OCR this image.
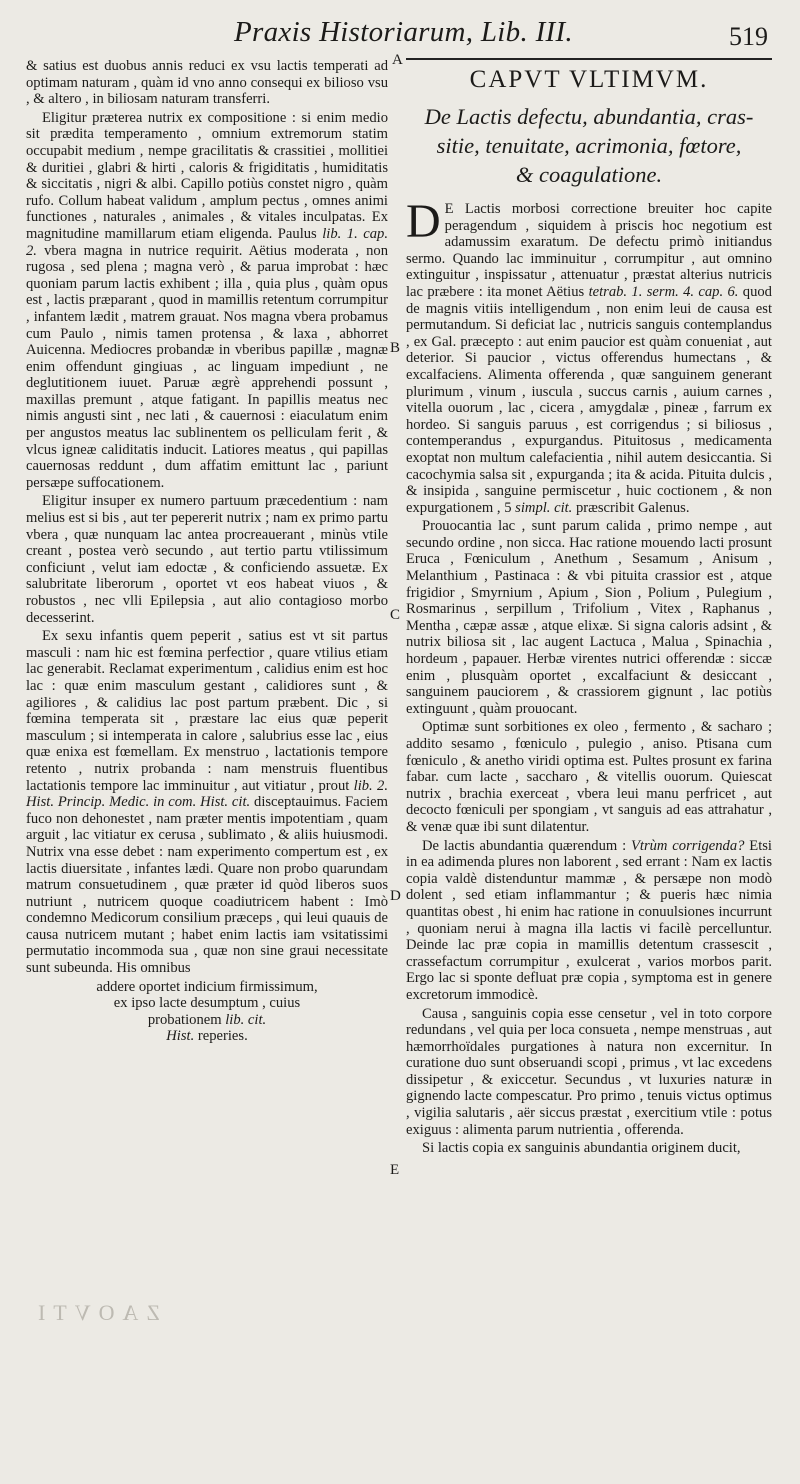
Praxis Historiarum, Lib. III.	519
A
B
C
D
E
ZAOVTI

& satius est duobus annis reduci ex vsu lactis temperati ad optimam naturam , quàm id vno anno consequi ex bilioso vsu , & altero , in biliosam naturam transferri.

Eligitur præterea nutrix ex compositione : si enim medio sit prædita temperamento , omnium extremorum statim occupabit medium , nempe gracilitatis & crassitiei , mollitiei & duritiei , glabri & hirti , caloris & frigiditatis , humiditatis & siccitatis , nigri & albi. Capillo potiùs constet nigro , quàm rufo. Collum habeat validum , amplum pectus , omnes animi functiones , naturales , animales , & vitales inculpatas. Ex magnitudine mamillarum etiam eligenda. Paulus lib. 1. cap. 2. vbera magna in nutrice requirit. Aëtius moderata , non rugosa , sed plena ; magna verò , & parua improbat : hæc quoniam parum lactis exhibent ; illa , quia plus , quàm opus est , lactis præparant , quod in mamillis retentum corrumpitur , infantem lædit , matrem grauat. Nos magna vbera probamus cum Paulo , nimis tamen protensa , & laxa , abhorret Auicenna. Mediocres probandæ in vberibus papillæ , magnæ enim offendunt gingiuas , ac linguam impediunt , ne deglutitionem iuuet. Paruæ ægrè apprehendi possunt , maxillas premunt , atque fatigant. In papillis meatus nec nimis angusti sint , nec lati , & cauernosi : eiaculatum enim per angustos meatus lac sublinentem os pelliculam ferit , & vlcus igneæ caliditatis inducit. Latiores meatus , qui papillas cauernosas reddunt , dum affatim emittunt lac , pariunt persæpe suffocationem.

Eligitur insuper ex numero partuum præcedentium : nam melius est si bis , aut ter pepererit nutrix ; nam ex primo partu vbera , quæ nunquam lac antea procreauerant , minùs vtile creant , postea verò secundo , aut tertio partu vtilissimum conficiunt , velut iam edoctæ , & conficiendo assuetæ. Ex salubritate liberorum , oportet vt eos habeat viuos , & robustos , nec vlli Epilepsia , aut alio contagioso morbo decesserint.

Ex sexu infantis quem peperit , satius est vt sit partus masculi : nam hic est fœmina perfectior , quare vtilius etiam lac generabit. Reclamat experimentum , calidius enim est hoc lac : quæ enim masculum gestant , calidiores sunt , & agiliores , & calidius lac post partum præbent. Dic , si fœmina temperata sit , præstare lac eius quæ peperit masculum ; si intemperata in calore , salubrius esse lac , eius quæ enixa est fœmellam. Ex menstruo , lactationis tempore retento , nutrix probanda : nam menstruis fluentibus lactationis tempore lac imminuitur , aut vitiatur , prout lib. 2. Hist. Princip. Medic. in com. Hist. cit. disceptauimus. Faciem fuco non dehonestet , nam præter mentis impotentiam , quam arguit , lac vitiatur ex cerusa , sublimato , & aliis huiusmodi. Nutrix vna esse debet : nam experimento compertum est , ex lactis diuersitate , infantes lædi. Quare non probo quarundam matrum consuetudinem , quæ præter id quòd liberos suos nutriunt , nutricem quoque coadiutricem habent : Imò condemno Medicorum consilium præceps , qui leui quauis de causa nutricem mutant ; habet enim lactis iam vsitatissimi permutatio incommoda sua , quæ non sine graui necessitate sunt subeunda. His omnibus

addere oportet indicium firmissimum,
ex ipso lacte desumptum , cuius
probationem lib. cit.
Hist. reperies.
CAPVT VLTIMVM.
De Lactis defectu, abundantia, cras-
sitie, tenuitate, acrimonia, fœtore,
& coagulatione.

D E Lactis morbosi correctione breuiter hoc capite peragendum , siquidem à priscis hoc negotium est adamussim exaratum. De defectu primò initiandus sermo. Quando lac imminuitur , corrumpitur , aut omnino extinguitur , inspissatur , attenuatur , præstat alterius nutricis lac præbere : ita monet Aëtius tetrab. 1. serm. 4. cap. 6. quod de magnis vitiis intelligendum , non enim leui de causa est permutandum. Si deficiat lac , nutricis sanguis contemplandus , ex Gal. præcepto : aut enim paucior est quàm conueniat , aut deterior. Si paucior , victus offerendus humectans , & excalfaciens. Alimenta offerenda , quæ sanguinem generant plurimum , vinum , iuscula , succus carnis , auium carnes , vitella ouorum , lac , cicera , amygdalæ , pineæ , farrum ex hordeo. Si sanguis paruus , est corrigendus ; si biliosus , contemperandus , expurgandus. Pituitosus , medicamenta exoptat non multum calefacientia , nihil autem desiccantia. Si cacochymia salsa sit , expurganda ; ita & acida. Pituita dulcis , & insipida , sanguine permiscetur , huic coctionem , & non expurgationem , 5 simpl. cit. præscribit Galenus.

Prouocantia lac , sunt parum calida , primo nempe , aut secundo ordine , non sicca. Hac ratione mouendo lacti prosunt Eruca , Fœniculum , Anethum , Sesamum , Anisum , Melanthium , Pastinaca : & vbi pituita crassior est , atque frigidior , Smyrnium , Apium , Sion , Polium , Pulegium , Rosmarinus , serpillum , Trifolium , Vitex , Raphanus , Mentha , cæpæ assæ , atque elixæ. Si signa caloris adsint , & nutrix biliosa sit , lac augent Lactuca , Malua , Spinachia , hordeum , papauer. Herbæ virentes nutrici offerendæ : siccæ enim , plusquàm oportet , excalfaciunt & desiccant , sanguinem pauciorem , & crassiorem gignunt , lac potiùs extinguunt , quàm prouocant.

Optimæ sunt sorbitiones ex oleo , fermento , & sacharo ; addito sesamo , fœniculo , pulegio , aniso. Ptisana cum fœniculo , & anetho viridi optima est. Pultes prosunt ex farina fabar. cum lacte , saccharo , & vitellis ouorum. Quiescat nutrix , brachia exerceat , vbera leui manu perfricet , aut decocto fœniculi per spongiam , vt sanguis ad eas attrahatur , & venæ quæ ibi sunt dilatentur.

De lactis abundantia quærendum : Vtrùm corrigenda? Etsi in ea adimenda plures non laborent , sed errant : Nam ex lactis copia valdè distenduntur mammæ , & persæpe non modò dolent , sed etiam inflammantur ; & pueris hæc nimia quantitas obest , hi enim hac ratione in conuulsiones incurrunt , quoniam nerui à magna illa lactis vi facilè percelluntur. Deinde lac præ copia in mamillis detentum crassescit , crassefactum corrumpitur , exulcerat , varios morbos parit. Ergo lac si sponte defluat præ copia , symptoma est in genere excretorum immodicè.

Causa , sanguinis copia esse censetur , vel in toto corpore redundans , vel quia per loca consueta , nempe menstruas , aut hæmorrhoïdales purgationes à natura non excernitur. In curatione duo sunt obseruandi scopi , primus , vt lac excedens dissipetur , & exiccetur. Secundus , vt luxuries naturæ in gignendo lacte compescatur. Pro primo , tenuis victus optimus , vigilia salutaris , aër siccus præstat , exercitium vtile : potus exiguus : alimenta parum nutrientia , offerenda.

Si lactis copia ex sanguinis abundantia originem ducit,
